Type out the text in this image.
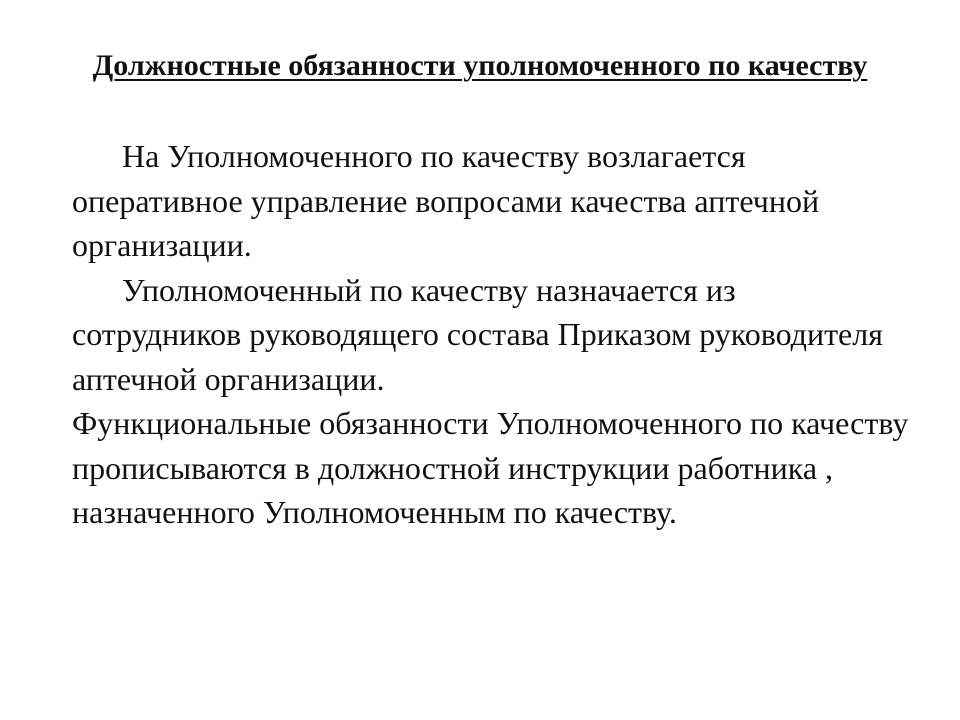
Должностные обязанности уполномоченного по качеству

На Уполномоченного по качеству возлагается оперативное управление вопросами качества аптечной организации.

Уполномоченный по качеству назначается из сотрудников руководящего состава Приказом руководителя аптечной организации.

Функциональные обязанности Уполномоченного по качеству прописываются в должностной инструкции работника , назначенного Уполномоченным по качеству.
